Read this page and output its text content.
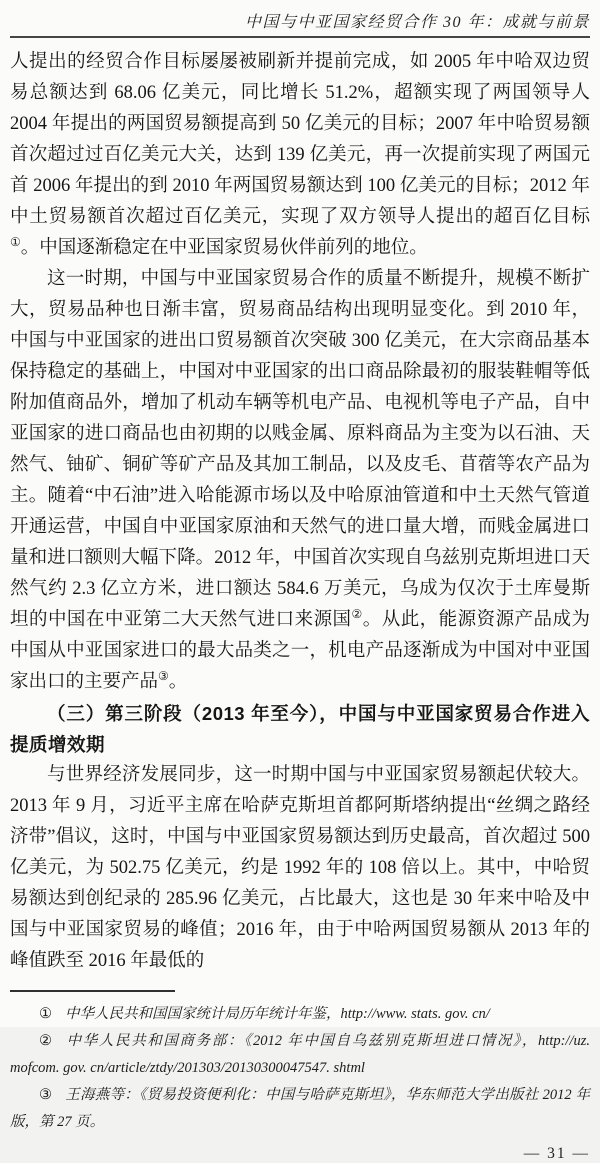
中国与中亚国家经贸合作 30 年：成就与前景

人提出的经贸合作目标屡屡被刷新并提前完成，如 2005 年中哈双边贸易总额达到 68.06 亿美元，同比增长 51.2%，超额实现了两国领导人 2004 年提出的两国贸易额提高到 50 亿美元的目标；2007 年中哈贸易额首次超过过百亿美元大关，达到 139 亿美元，再一次提前实现了两国元首 2006 年提出的到 2010 年两国贸易额达到 100 亿美元的目标；2012 年中土贸易额首次超过百亿美元，实现了双方领导人提出的超百亿目标①。中国逐渐稳定在中亚国家贸易伙伴前列的地位。

这一时期，中国与中亚国家贸易合作的质量不断提升，规模不断扩大，贸易品种也日渐丰富，贸易商品结构出现明显变化。到 2010 年，中国与中亚国家的进出口贸易额首次突破 300 亿美元，在大宗商品基本保持稳定的基础上，中国对中亚国家的出口商品除最初的服装鞋帽等低附加值商品外，增加了机动车辆等机电产品、电视机等电子产品，自中亚国家的进口商品也由初期的以贱金属、原料商品为主变为以石油、天然气、铀矿、铜矿等矿产品及其加工制品，以及皮毛、苜蓿等农产品为主。随着“中石油”进入哈能源市场以及中哈原油管道和中土天然气管道开通运营，中国自中亚国家原油和天然气的进口量大增，而贱金属进口量和进口额则大幅下降。2012 年，中国首次实现自乌兹别克斯坦进口天然气约 2.3 亿立方米，进口额达 584.6 万美元，乌成为仅次于土库曼斯坦的中国在中亚第二大天然气进口来源国②。从此，能源资源产品成为中国从中亚国家进口的最大品类之一，机电产品逐渐成为中国对中亚国家出口的主要产品③。

（三）第三阶段（2013 年至今），中国与中亚国家贸易合作进入提质增效期

与世界经济发展同步，这一时期中国与中亚国家贸易额起伏较大。2013 年 9 月，习近平主席在哈萨克斯坦首都阿斯塔纳提出“丝绸之路经济带”倡议，这时，中国与中亚国家贸易额达到历史最高，首次超过 500 亿美元，为 502.75 亿美元，约是 1992 年的 108 倍以上。其中，中哈贸易额达到创纪录的 285.96 亿美元，占比最大，这也是 30 年来中哈及中国与中亚国家贸易的峰值；2016 年，由于中哈两国贸易额从 2013 年的峰值跌至 2016 年最低的

① 中华人民共和国国家统计局历年统计年鉴，http://www. stats. gov. cn/

② 中华人民共和国商务部：《2012 年中国自乌兹别克斯坦进口情况》，http://uz. mofcom. gov. cn/article/ztdy/201303/20130300047547. shtml

③ 王海燕等：《贸易投资便利化：中国与哈萨克斯坦》，华东师范大学出版社 2012 年版，第 27 页。

— 31 —
